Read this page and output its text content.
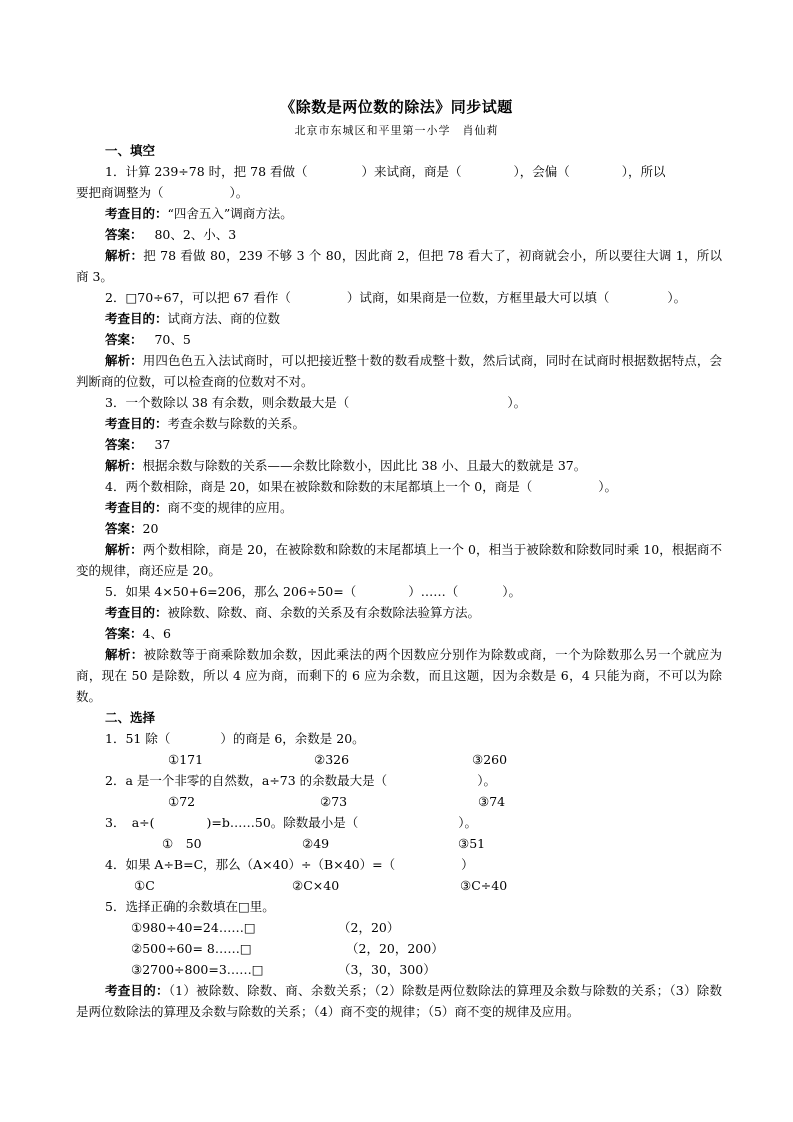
《除数是两位数的除法》同步试题
北京市东城区和平里第一小学　肖仙莉
一、填空
1．计算 239÷78 时，把 78 看做（	）来试商，商是（	），会偏（	），所以
要把商调整为（	）。
考查目的：“四舍五入”调商方法。
答案： 80、2、小、3
解析：把 78 看做 80，239 不够 3 个 80，因此商 2，但把 78 看大了，初商就会小，所以要往大调 1，所以商 3。
2．□70÷67，可以把 67 看作（	）试商，如果商是一位数，方框里最大可以填（	）。
考查目的：试商方法、商的位数
答案： 70、5
解析：用四色色五入法试商时，可以把接近整十数的数看成整十数，然后试商，同时在试商时根据数据特点，会判断商的位数，可以检查商的位数对不对。
3．一个数除以 38 有余数，则余数最大是（	）。
考查目的：考查余数与除数的关系。
答案： 37
解析：根据余数与除数的关系——余数比除数小，因此比 38 小、且最大的数就是 37。
4．两个数相除，商是 20，如果在被除数和除数的末尾都填上一个 0，商是（	）。
考查目的：商不变的规律的应用。
答案：20
解析：两个数相除，商是 20，在被除数和除数的末尾都填上一个 0，相当于被除数和除数同时乘 10，根据商不变的规律，商还应是 20。
5．如果 4×50+6=206，那么 206÷50=（	）……（	）。
考查目的：被除数、除数、商、余数的关系及有余数除法验算方法。
答案：4、6
解析：被除数等于商乘除数加余数，因此乘法的两个因数应分别作为除数或商，一个为除数那么另一个就应为商，现在 50 是除数，所以 4 应为商，而剩下的 6 应为余数，而且这题，因为余数是 6，4 只能为商，不可以为除数。
二、选择
1．51 除（	）的商是 6，余数是 20。
①171	②326	③260
2．a 是一个非零的自然数，a÷73 的余数最大是（	）。
①72	②73	③74
3．　a÷(	)=b……50。除数最小是（	）。
①　50	②49	③51
4．如果 A÷B=C，那么（A×40）÷（B×40）=（	）
①C	②C×40	③C÷40
5．选择正确的余数填在□里。
①980÷40=24……□	（2，20）
②500÷60= 8……□	（2，20，200）
③2700÷800=3……□	（3，30，300）
考查目的：（1）被除数、除数、商、余数关系；（2）除数是两位数除法的算理及余数与除数的关系；（3）除数是两位数除法的算理及余数与除数的关系；（4）商不变的规律；（5）商不变的规律及应用。
